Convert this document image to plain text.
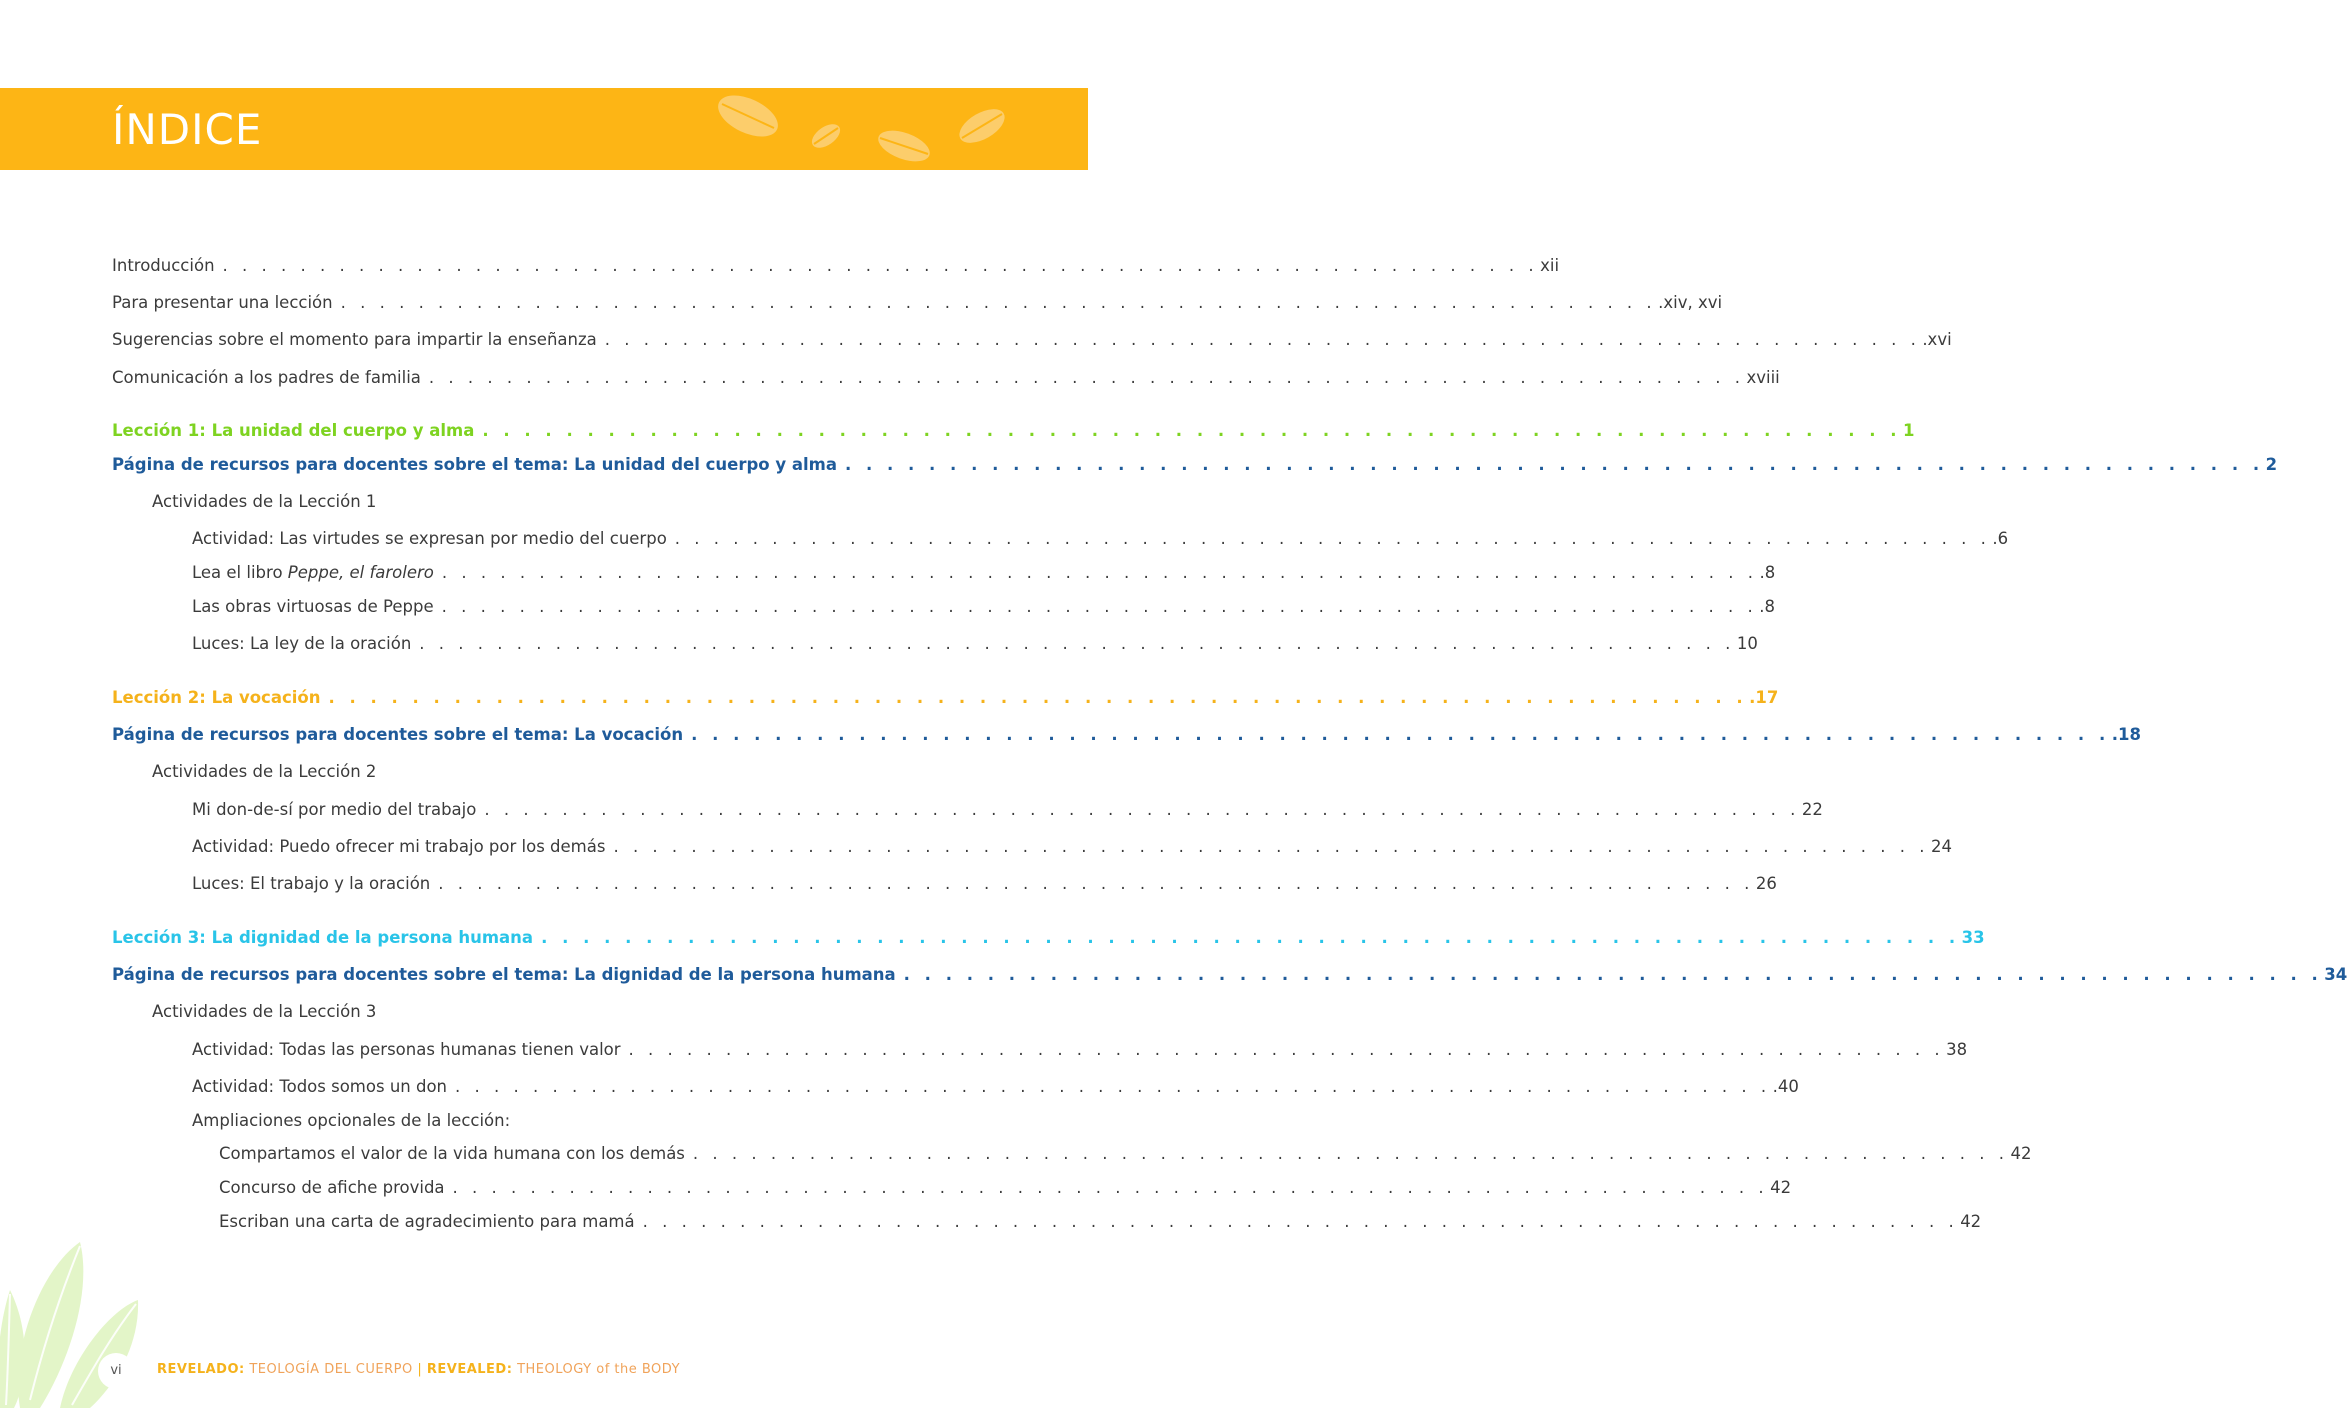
ÍNDICE
Introducción . . . . . . . . . . . . . . . . . . . . . . . . . . . . . . . . . . . . . . . . . . . . . . . . . . . . . . . . . . . . . . . . . . . . xii
Para presentar una lección . . . . . . . . . . . . . . . . . . . . . . . . . . . . . . . . . . . . . . . . . . . . . . . . . . . . . . . . . . . . . . . . . . . . .xiv, xvi
Sugerencias sobre el momento para impartir la enseñanza . . . . . . . . . . . . . . . . . . . . . . . . . . . . . . . . . . . . . . . . . . . . . . . . . . . . . . . . . . . . . . . . . . . . .xvi
Comunicación a los padres de familia . . . . . . . . . . . . . . . . . . . . . . . . . . . . . . . . . . . . . . . . . . . . . . . . . . . . . . . . . . . . . . . . . . . . xviii
Lección 1: La unidad del cuerpo y alma . . . . . . . . . . . . . . . . . . . . . . . . . . . . . . . . . . . . . . . . . . . . . . . . . . . . . . . . . . . . . . . . . . . . 1
Página de recursos para docentes sobre el tema: La unidad del cuerpo y alma . . . . . . . . . . . . . . . . . . . . . . . . . . . . . . . . . . . . . . . . . . . . . . . . . . . . . . . . . . . . . . . . . . . . 2
Actividades de la Lección 1
Actividad: Las virtudes se expresan por medio del cuerpo . . . . . . . . . . . . . . . . . . . . . . . . . . . . . . . . . . . . . . . . . . . . . . . . . . . . . . . . . . . . . . . . . . . . .6
Lea el libro Peppe, el farolero . . . . . . . . . . . . . . . . . . . . . . . . . . . . . . . . . . . . . . . . . . . . . . . . . . . . . . . . . . . . . . . . . . . . .8
Las obras virtuosas de Peppe . . . . . . . . . . . . . . . . . . . . . . . . . . . . . . . . . . . . . . . . . . . . . . . . . . . . . . . . . . . . . . . . . . . . .8
Luces: La ley de la oración . . . . . . . . . . . . . . . . . . . . . . . . . . . . . . . . . . . . . . . . . . . . . . . . . . . . . . . . . . . . . . . . . . . . 10
Lección 2: La vocación . . . . . . . . . . . . . . . . . . . . . . . . . . . . . . . . . . . . . . . . . . . . . . . . . . . . . . . . . . . . . . . . . . . . .17
Página de recursos para docentes sobre el tema: La vocación . . . . . . . . . . . . . . . . . . . . . . . . . . . . . . . . . . . . . . . . . . . . . . . . . . . . . . . . . . . . . . . . . . . . .18
Actividades de la Lección 2
Mi don-de-sí por medio del trabajo . . . . . . . . . . . . . . . . . . . . . . . . . . . . . . . . . . . . . . . . . . . . . . . . . . . . . . . . . . . . . . . . . . . . 22
Actividad: Puedo ofrecer mi trabajo por los demás . . . . . . . . . . . . . . . . . . . . . . . . . . . . . . . . . . . . . . . . . . . . . . . . . . . . . . . . . . . . . . . . . . . . 24
Luces: El trabajo y la oración . . . . . . . . . . . . . . . . . . . . . . . . . . . . . . . . . . . . . . . . . . . . . . . . . . . . . . . . . . . . . . . . . . . . 26
Lección 3: La dignidad de la persona humana . . . . . . . . . . . . . . . . . . . . . . . . . . . . . . . . . . . . . . . . . . . . . . . . . . . . . . . . . . . . . . . . . . . . 33
Página de recursos para docentes sobre el tema: La dignidad de la persona humana . . . . . . . . . . . . . . . . . . . . . . . . . . . . . . . . . . . . . . . . . . . . . . . . . . . . . . . . . . . . . . . . . . . . 34
Actividades de la Lección 3
Actividad: Todas las personas humanas tienen valor . . . . . . . . . . . . . . . . . . . . . . . . . . . . . . . . . . . . . . . . . . . . . . . . . . . . . . . . . . . . . . . . . . . . 38
Actividad: Todos somos un don . . . . . . . . . . . . . . . . . . . . . . . . . . . . . . . . . . . . . . . . . . . . . . . . . . . . . . . . . . . . . . . . . . . . .40
Ampliaciones opcionales de la lección:
Compartamos el valor de la vida humana con los demás . . . . . . . . . . . . . . . . . . . . . . . . . . . . . . . . . . . . . . . . . . . . . . . . . . . . . . . . . . . . . . . . . . . . 42
Concurso de afiche provida . . . . . . . . . . . . . . . . . . . . . . . . . . . . . . . . . . . . . . . . . . . . . . . . . . . . . . . . . . . . . . . . . . . . 42
Escriban una carta de agradecimiento para mamá . . . . . . . . . . . . . . . . . . . . . . . . . . . . . . . . . . . . . . . . . . . . . . . . . . . . . . . . . . . . . . . . . . . . 42
vi	REVELADO: TEOLOGÍA DEL CUERPO | REVEALED: THEOLOGY of the BODY
